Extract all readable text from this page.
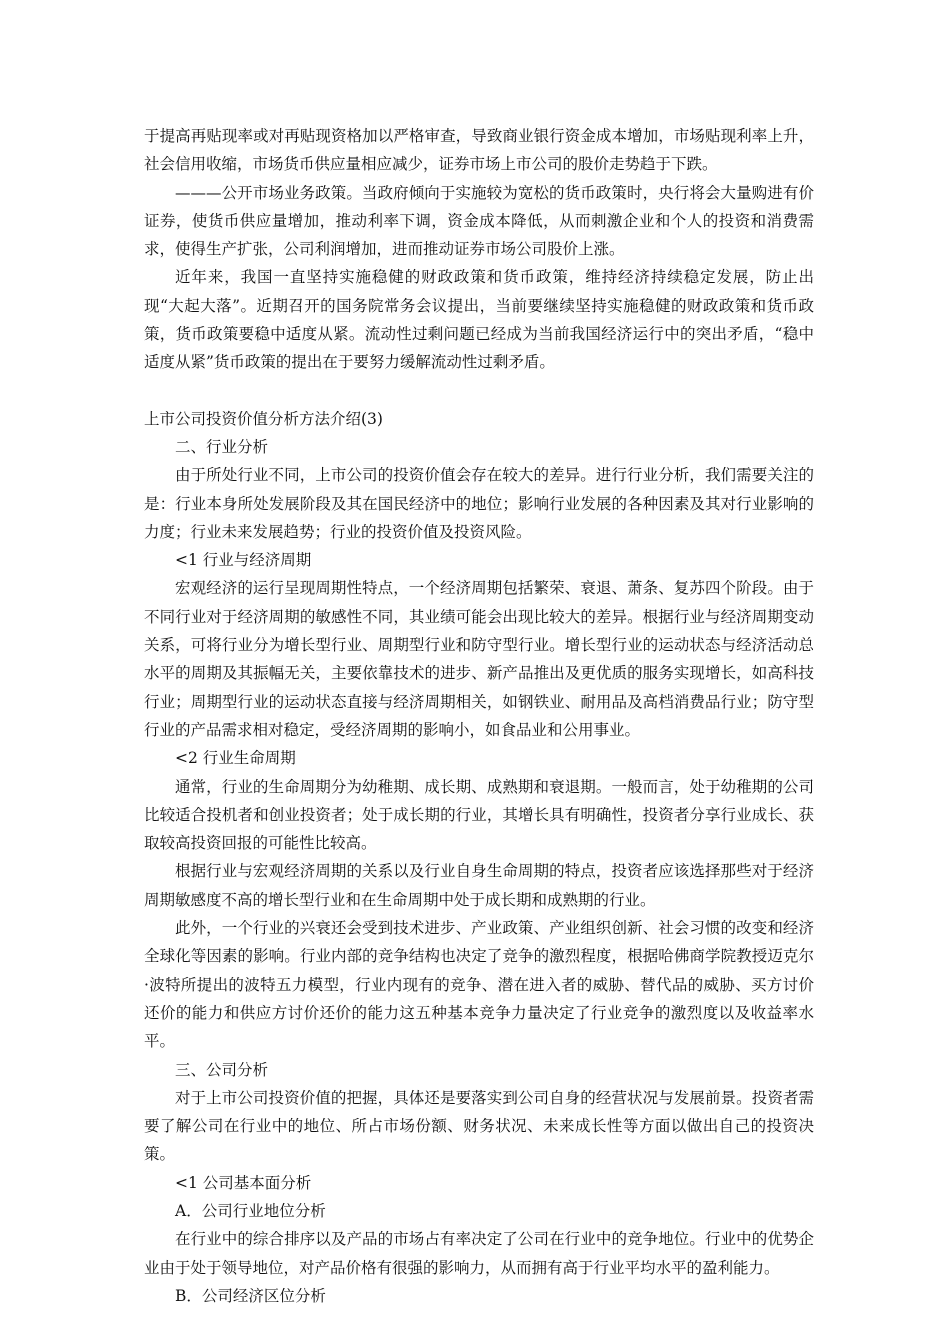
于提高再贴现率或对再贴现资格加以严格审查，导致商业银行资金成本增加，市场贴现利率上升，社会信用收缩，市场货币供应量相应减少，证券市场上市公司的股价走势趋于下跌。

———公开市场业务政策。当政府倾向于实施较为宽松的货币政策时，央行将会大量购进有价证券，使货币供应量增加，推动利率下调，资金成本降低，从而刺激企业和个人的投资和消费需求，使得生产扩张，公司利润增加，进而推动证券市场公司股价上涨。

近年来，我国一直坚持实施稳健的财政政策和货币政策，维持经济持续稳定发展，防止出现“大起大落”。近期召开的国务院常务会议提出，当前要继续坚持实施稳健的财政政策和货币政策，货币政策要稳中适度从紧。流动性过剩问题已经成为当前我国经济运行中的突出矛盾，“稳中适度从紧”货币政策的提出在于要努力缓解流动性过剩矛盾。

上市公司投资价值分析方法介绍(3)

二、行业分析

由于所处行业不同，上市公司的投资价值会存在较大的差异。进行行业分析，我们需要关注的是：行业本身所处发展阶段及其在国民经济中的地位；影响行业发展的各种因素及其对行业影响的力度；行业未来发展趋势；行业的投资价值及投资风险。

<1 行业与经济周期

宏观经济的运行呈现周期性特点，一个经济周期包括繁荣、衰退、萧条、复苏四个阶段。由于不同行业对于经济周期的敏感性不同，其业绩可能会出现比较大的差异。根据行业与经济周期变动关系，可将行业分为增长型行业、周期型行业和防守型行业。增长型行业的运动状态与经济活动总水平的周期及其振幅无关，主要依靠技术的进步、新产品推出及更优质的服务实现增长，如高科技行业；周期型行业的运动状态直接与经济周期相关，如钢铁业、耐用品及高档消费品行业；防守型行业的产品需求相对稳定，受经济周期的影响小，如食品业和公用事业。

<2 行业生命周期

通常，行业的生命周期分为幼稚期、成长期、成熟期和衰退期。一般而言，处于幼稚期的公司比较适合投机者和创业投资者；处于成长期的行业，其增长具有明确性，投资者分享行业成长、获取较高投资回报的可能性比较高。

根据行业与宏观经济周期的关系以及行业自身生命周期的特点，投资者应该选择那些对于经济周期敏感度不高的增长型行业和在生命周期中处于成长期和成熟期的行业。

此外，一个行业的兴衰还会受到技术进步、产业政策、产业组织创新、社会习惯的改变和经济全球化等因素的影响。行业内部的竞争结构也决定了竞争的激烈程度，根据哈佛商学院教授迈克尔·波特所提出的波特五力模型，行业内现有的竞争、潜在进入者的威胁、替代品的威胁、买方讨价还价的能力和供应方讨价还价的能力这五种基本竞争力量决定了行业竞争的激烈度以及收益率水平。

三、公司分析

对于上市公司投资价值的把握，具体还是要落实到公司自身的经营状况与发展前景。投资者需要了解公司在行业中的地位、所占市场份额、财务状况、未来成长性等方面以做出自己的投资决策。

<1 公司基本面分析

A．公司行业地位分析

在行业中的综合排序以及产品的市场占有率决定了公司在行业中的竞争地位。行业中的优势企业由于处于领导地位，对产品价格有很强的影响力，从而拥有高于行业平均水平的盈利能力。

B．公司经济区位分析
